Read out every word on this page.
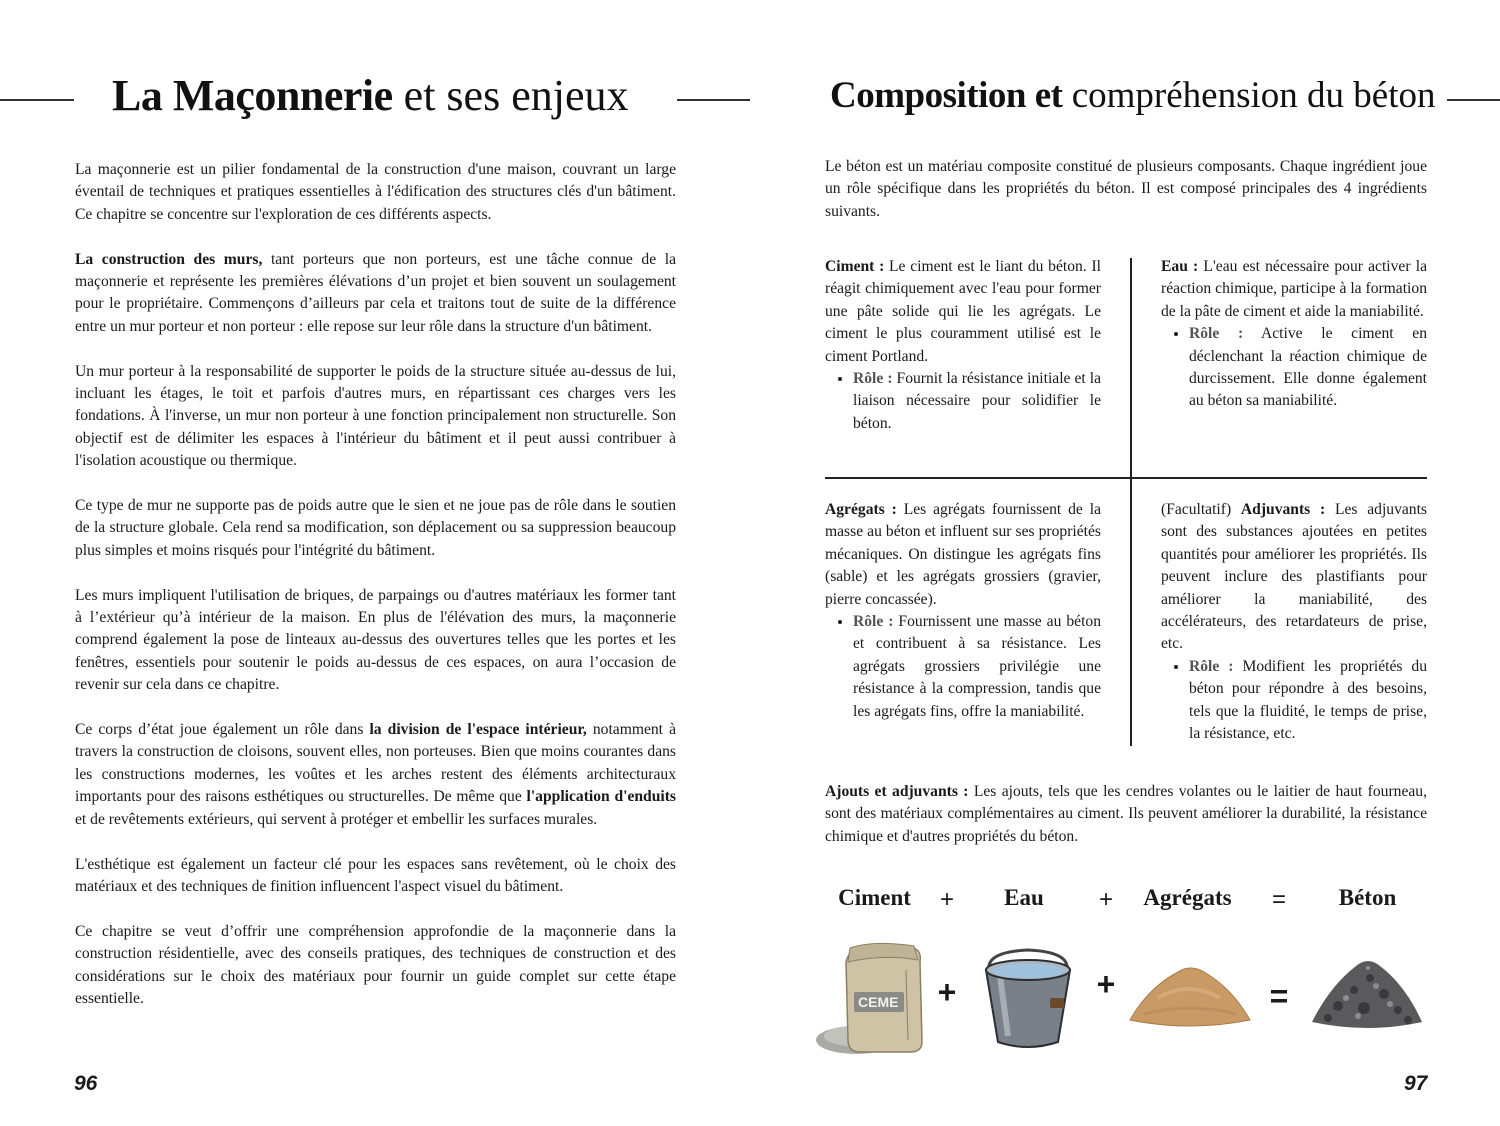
La Maçonnerie et ses enjeux

La maçonnerie est un pilier fondamental de la construction d'une maison, couvrant un large éventail de techniques et pratiques essentielles à l'édification des structures clés d'un bâtiment. Ce chapitre se concentre sur l'exploration de ces différents aspects.

La construction des murs, tant porteurs que non porteurs, est une tâche connue de la maçonnerie et représente les premières élévations d’un projet et bien souvent un soulagement pour le propriétaire. Commençons d’ailleurs par cela et traitons tout de suite de la différence entre un mur porteur et non porteur : elle repose sur leur rôle dans la structure d'un bâtiment.

Un mur porteur à la responsabilité de supporter le poids de la structure située au-dessus de lui, incluant les étages, le toit et parfois d'autres murs, en répartissant ces charges vers les fondations. À l'inverse, un mur non porteur à une fonction principalement non structurelle. Son objectif est de délimiter les espaces à l'intérieur du bâtiment et il peut aussi contribuer à l'isolation acoustique ou thermique.

Ce type de mur ne supporte pas de poids autre que le sien et ne joue pas de rôle dans le soutien de la structure globale. Cela rend sa modification, son déplacement ou sa suppression beaucoup plus simples et moins risqués pour l'intégrité du bâtiment.

Les murs impliquent l'utilisation de briques, de parpaings ou d'autres matériaux les former tant à l’extérieur qu’à intérieur de la maison. En plus de l'élévation des murs, la maçonnerie comprend également la pose de linteaux au-dessus des ouvertures telles que les portes et les fenêtres, essentiels pour soutenir le poids au-dessus de ces espaces, on aura l’occasion de revenir sur cela dans ce chapitre.

Ce corps d’état joue également un rôle dans la division de l'espace intérieur, notamment à travers la construction de cloisons, souvent elles, non porteuses. Bien que moins courantes dans les constructions modernes, les voûtes et les arches restent des éléments architecturaux importants pour des raisons esthétiques ou structurelles. De même que l'application d'enduits et de revêtements extérieurs, qui servent à protéger et embellir les surfaces murales.

L'esthétique est également un facteur clé pour les espaces sans revêtement, où le choix des matériaux et des techniques de finition influencent l'aspect visuel du bâtiment.

Ce chapitre se veut d’offrir une compréhension approfondie de la maçonnerie dans la construction résidentielle, avec des conseils pratiques, des techniques de construction et des considérations sur le choix des matériaux pour fournir un guide complet sur cette étape essentielle.

96
Composition et compréhension du béton

Le béton est un matériau composite constitué de plusieurs composants. Chaque ingrédient joue un rôle spécifique dans les propriétés du béton. Il est composé principales des 4 ingrédients suivants.

Ciment : Le ciment est le liant du béton. Il réagit chimiquement avec l'eau pour former une pâte solide qui lie les agrégats. Le ciment le plus couramment utilisé est le ciment Portland.
• Rôle : Fournit la résistance initiale et la liaison nécessaire pour solidifier le béton.
Eau : L'eau est nécessaire pour activer la réaction chimique, participe à la formation de la pâte de ciment et aide la maniabilité.
• Rôle : Active le ciment en déclenchant la réaction chimique de durcissement. Elle donne également au béton sa maniabilité.
Agrégats : Les agrégats fournissent de la masse au béton et influent sur ses propriétés mécaniques. On distingue les agrégats fins (sable) et les agrégats grossiers (gravier, pierre concassée).
• Rôle : Fournissent une masse au béton et contribuent à sa résistance. Les agrégats grossiers privilégie une résistance à la compression, tandis que les agrégats fins, offre la maniabilité.
(Facultatif) Adjuvants : Les adjuvants sont des substances ajoutées en petites quantités pour améliorer les propriétés. Ils peuvent inclure des plastifiants pour améliorer la maniabilité, des accélérateurs, des retardateurs de prise, etc.
• Rôle : Modifient les propriétés du béton pour répondre à des besoins, tels que la fluidité, le temps de prise, la résistance, etc.

Ajouts et adjuvants : Les ajouts, tels que les cendres volantes ou le laitier de haut fourneau, sont des matériaux complémentaires au ciment. Ils peuvent améliorer la durabilité, la résistance chimique et d'autres propriétés du béton.

Ciment	+	Eau	+	Agrégats	=	Béton
CEME +	+	=
97
